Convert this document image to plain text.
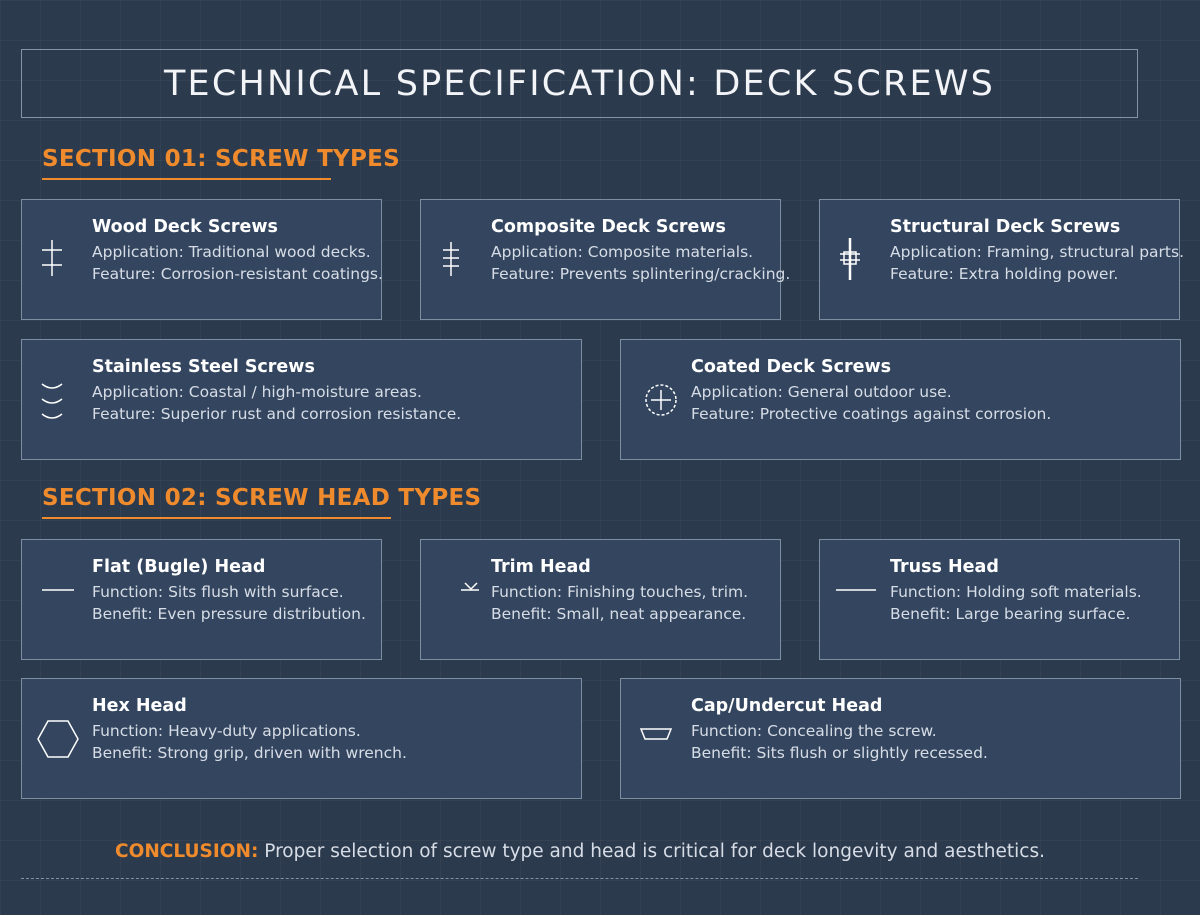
TECHNICAL SPECIFICATION: DECK SCREWS
SECTION 01: SCREW TYPES
Wood Deck Screws
Application: Traditional wood decks.
Feature: Corrosion-resistant coatings.
Composite Deck Screws
Application: Composite materials.
Feature: Prevents splintering/cracking.
Structural Deck Screws
Application: Framing, structural parts.
Feature: Extra holding power.
Stainless Steel Screws
Application: Coastal / high-moisture areas.
Feature: Superior rust and corrosion resistance.
Coated Deck Screws
Application: General outdoor use.
Feature: Protective coatings against corrosion.
SECTION 02: SCREW HEAD TYPES
Flat (Bugle) Head
Function: Sits flush with surface.
Benefit: Even pressure distribution.
Trim Head
Function: Finishing touches, trim.
Benefit: Small, neat appearance.
Truss Head
Function: Holding soft materials.
Benefit: Large bearing surface.
Hex Head
Function: Heavy-duty applications.
Benefit: Strong grip, driven with wrench.
Cap/Undercut Head
Function: Concealing the screw.
Benefit: Sits flush or slightly recessed.
CONCLUSION: Proper selection of screw type and head is critical for deck longevity and aesthetics.
